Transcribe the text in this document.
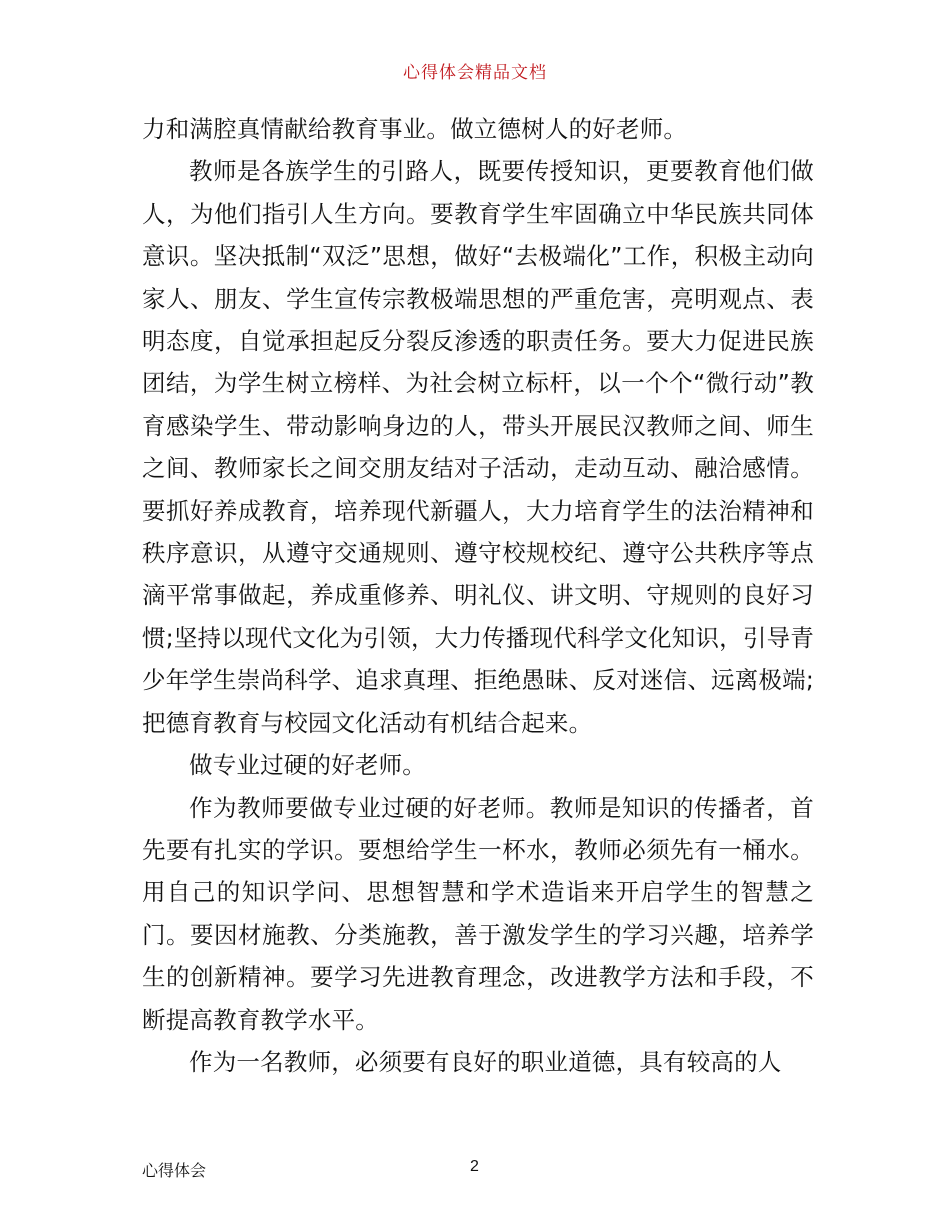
心得体会精品文档

力和满腔真情献给教育事业。做立德树人的好老师。

教师是各族学生的引路人，既要传授知识，更要教育他们做人，为他们指引人生方向。要教育学生牢固确立中华民族共同体意识。坚决抵制“双泛”思想，做好“去极端化”工作，积极主动向家人、朋友、学生宣传宗教极端思想的严重危害，亮明观点、表明态度，自觉承担起反分裂反渗透的职责任务。要大力促进民族团结，为学生树立榜样、为社会树立标杆，以一个个“微行动”教育感染学生、带动影响身边的人，带头开展民汉教师之间、师生之间、教师家长之间交朋友结对子活动，走动互动、融洽感情。要抓好养成教育，培养现代新疆人，大力培育学生的法治精神和秩序意识，从遵守交通规则、遵守校规校纪、遵守公共秩序等点滴平常事做起，养成重修养、明礼仪、讲文明、守规则的良好习惯;坚持以现代文化为引领，大力传播现代科学文化知识，引导青少年学生崇尚科学、追求真理、拒绝愚昧、反对迷信、远离极端;把德育教育与校园文化活动有机结合起来。

做专业过硬的好老师。

作为教师要做专业过硬的好老师。教师是知识的传播者，首先要有扎实的学识。要想给学生一杯水，教师必须先有一桶水。用自己的知识学问、思想智慧和学术造诣来开启学生的智慧之门。要因材施教、分类施教，善于激发学生的学习兴趣，培养学生的创新精神。要学习先进教育理念，改进教学方法和手段，不断提高教育教学水平。

作为一名教师，必须要有良好的职业道德，具有较高的人

心得体会	2
